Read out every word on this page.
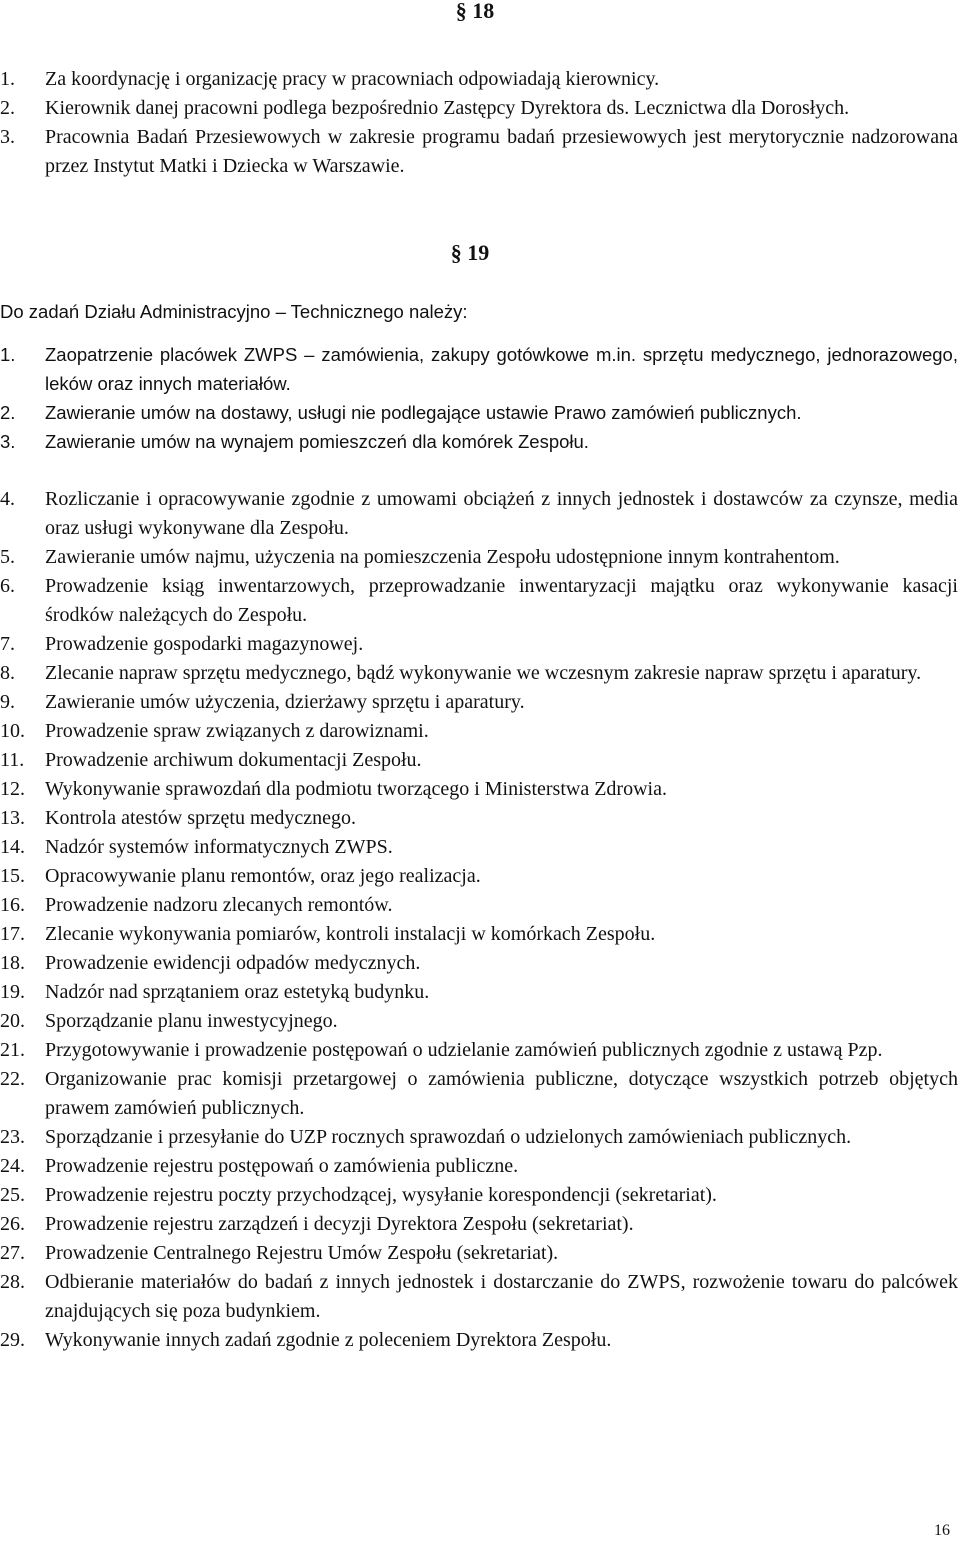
§ 18
1. Za koordynację i organizację pracy w pracowniach odpowiadają kierownicy.
2. Kierownik danej pracowni podlega bezpośrednio Zastępcy Dyrektora ds. Lecznictwa dla Dorosłych.
3. Pracownia Badań Przesiewowych w zakresie programu badań przesiewowych jest merytorycznie nadzorowana przez Instytut Matki i Dziecka w Warszawie.
§ 19
Do zadań Działu Administracyjno – Technicznego należy:
1. Zaopatrzenie placówek ZWPS – zamówienia, zakupy gotówkowe m.in. sprzętu medycznego, jednorazowego, leków oraz innych materiałów.
2. Zawieranie umów na dostawy, usługi nie podlegające ustawie Prawo zamówień publicznych.
3. Zawieranie umów na wynajem pomieszczeń dla komórek Zespołu.
4. Rozliczanie i opracowywanie zgodnie z umowami obciążeń z innych jednostek i dostawców za czynsze, media oraz usługi wykonywane dla Zespołu.
5. Zawieranie umów najmu, użyczenia na pomieszczenia Zespołu udostępnione innym kontrahentom.
6. Prowadzenie ksiąg inwentarzowych, przeprowadzanie inwentaryzacji majątku oraz wykonywanie kasacji środków należących do Zespołu.
7. Prowadzenie gospodarki magazynowej.
8. Zlecanie napraw sprzętu medycznego, bądź wykonywanie we wczesnym zakresie napraw sprzętu i aparatury.
9. Zawieranie umów użyczenia, dzierżawy sprzętu i aparatury.
10. Prowadzenie spraw związanych z darowiznami.
11. Prowadzenie archiwum dokumentacji Zespołu.
12. Wykonywanie sprawozdań dla podmiotu tworzącego i Ministerstwa Zdrowia.
13. Kontrola atestów sprzętu medycznego.
14. Nadzór systemów informatycznych ZWPS.
15. Opracowywanie planu remontów, oraz jego realizacja.
16. Prowadzenie nadzoru zlecanych remontów.
17. Zlecanie wykonywania pomiarów, kontroli instalacji w komórkach Zespołu.
18. Prowadzenie ewidencji odpadów medycznych.
19. Nadzór nad sprzątaniem oraz estetyką budynku.
20. Sporządzanie planu inwestycyjnego.
21. Przygotowywanie i prowadzenie postępowań o udzielanie zamówień publicznych zgodnie z ustawą Pzp.
22. Organizowanie prac komisji przetargowej o zamówienia publiczne, dotyczące wszystkich potrzeb objętych prawem zamówień publicznych.
23. Sporządzanie i przesyłanie do UZP rocznych sprawozdań o udzielonych zamówieniach publicznych.
24. Prowadzenie rejestru postępowań o zamówienia publiczne.
25. Prowadzenie rejestru poczty przychodzącej, wysyłanie korespondencji (sekretariat).
26. Prowadzenie rejestru zarządzeń i decyzji Dyrektora Zespołu (sekretariat).
27. Prowadzenie Centralnego Rejestru Umów Zespołu (sekretariat).
28. Odbieranie materiałów do badań z innych jednostek i dostarczanie do ZWPS, rozwożenie towaru do palcówek znajdujących się poza budynkiem.
29. Wykonywanie innych zadań zgodnie z poleceniem Dyrektora Zespołu.
16
